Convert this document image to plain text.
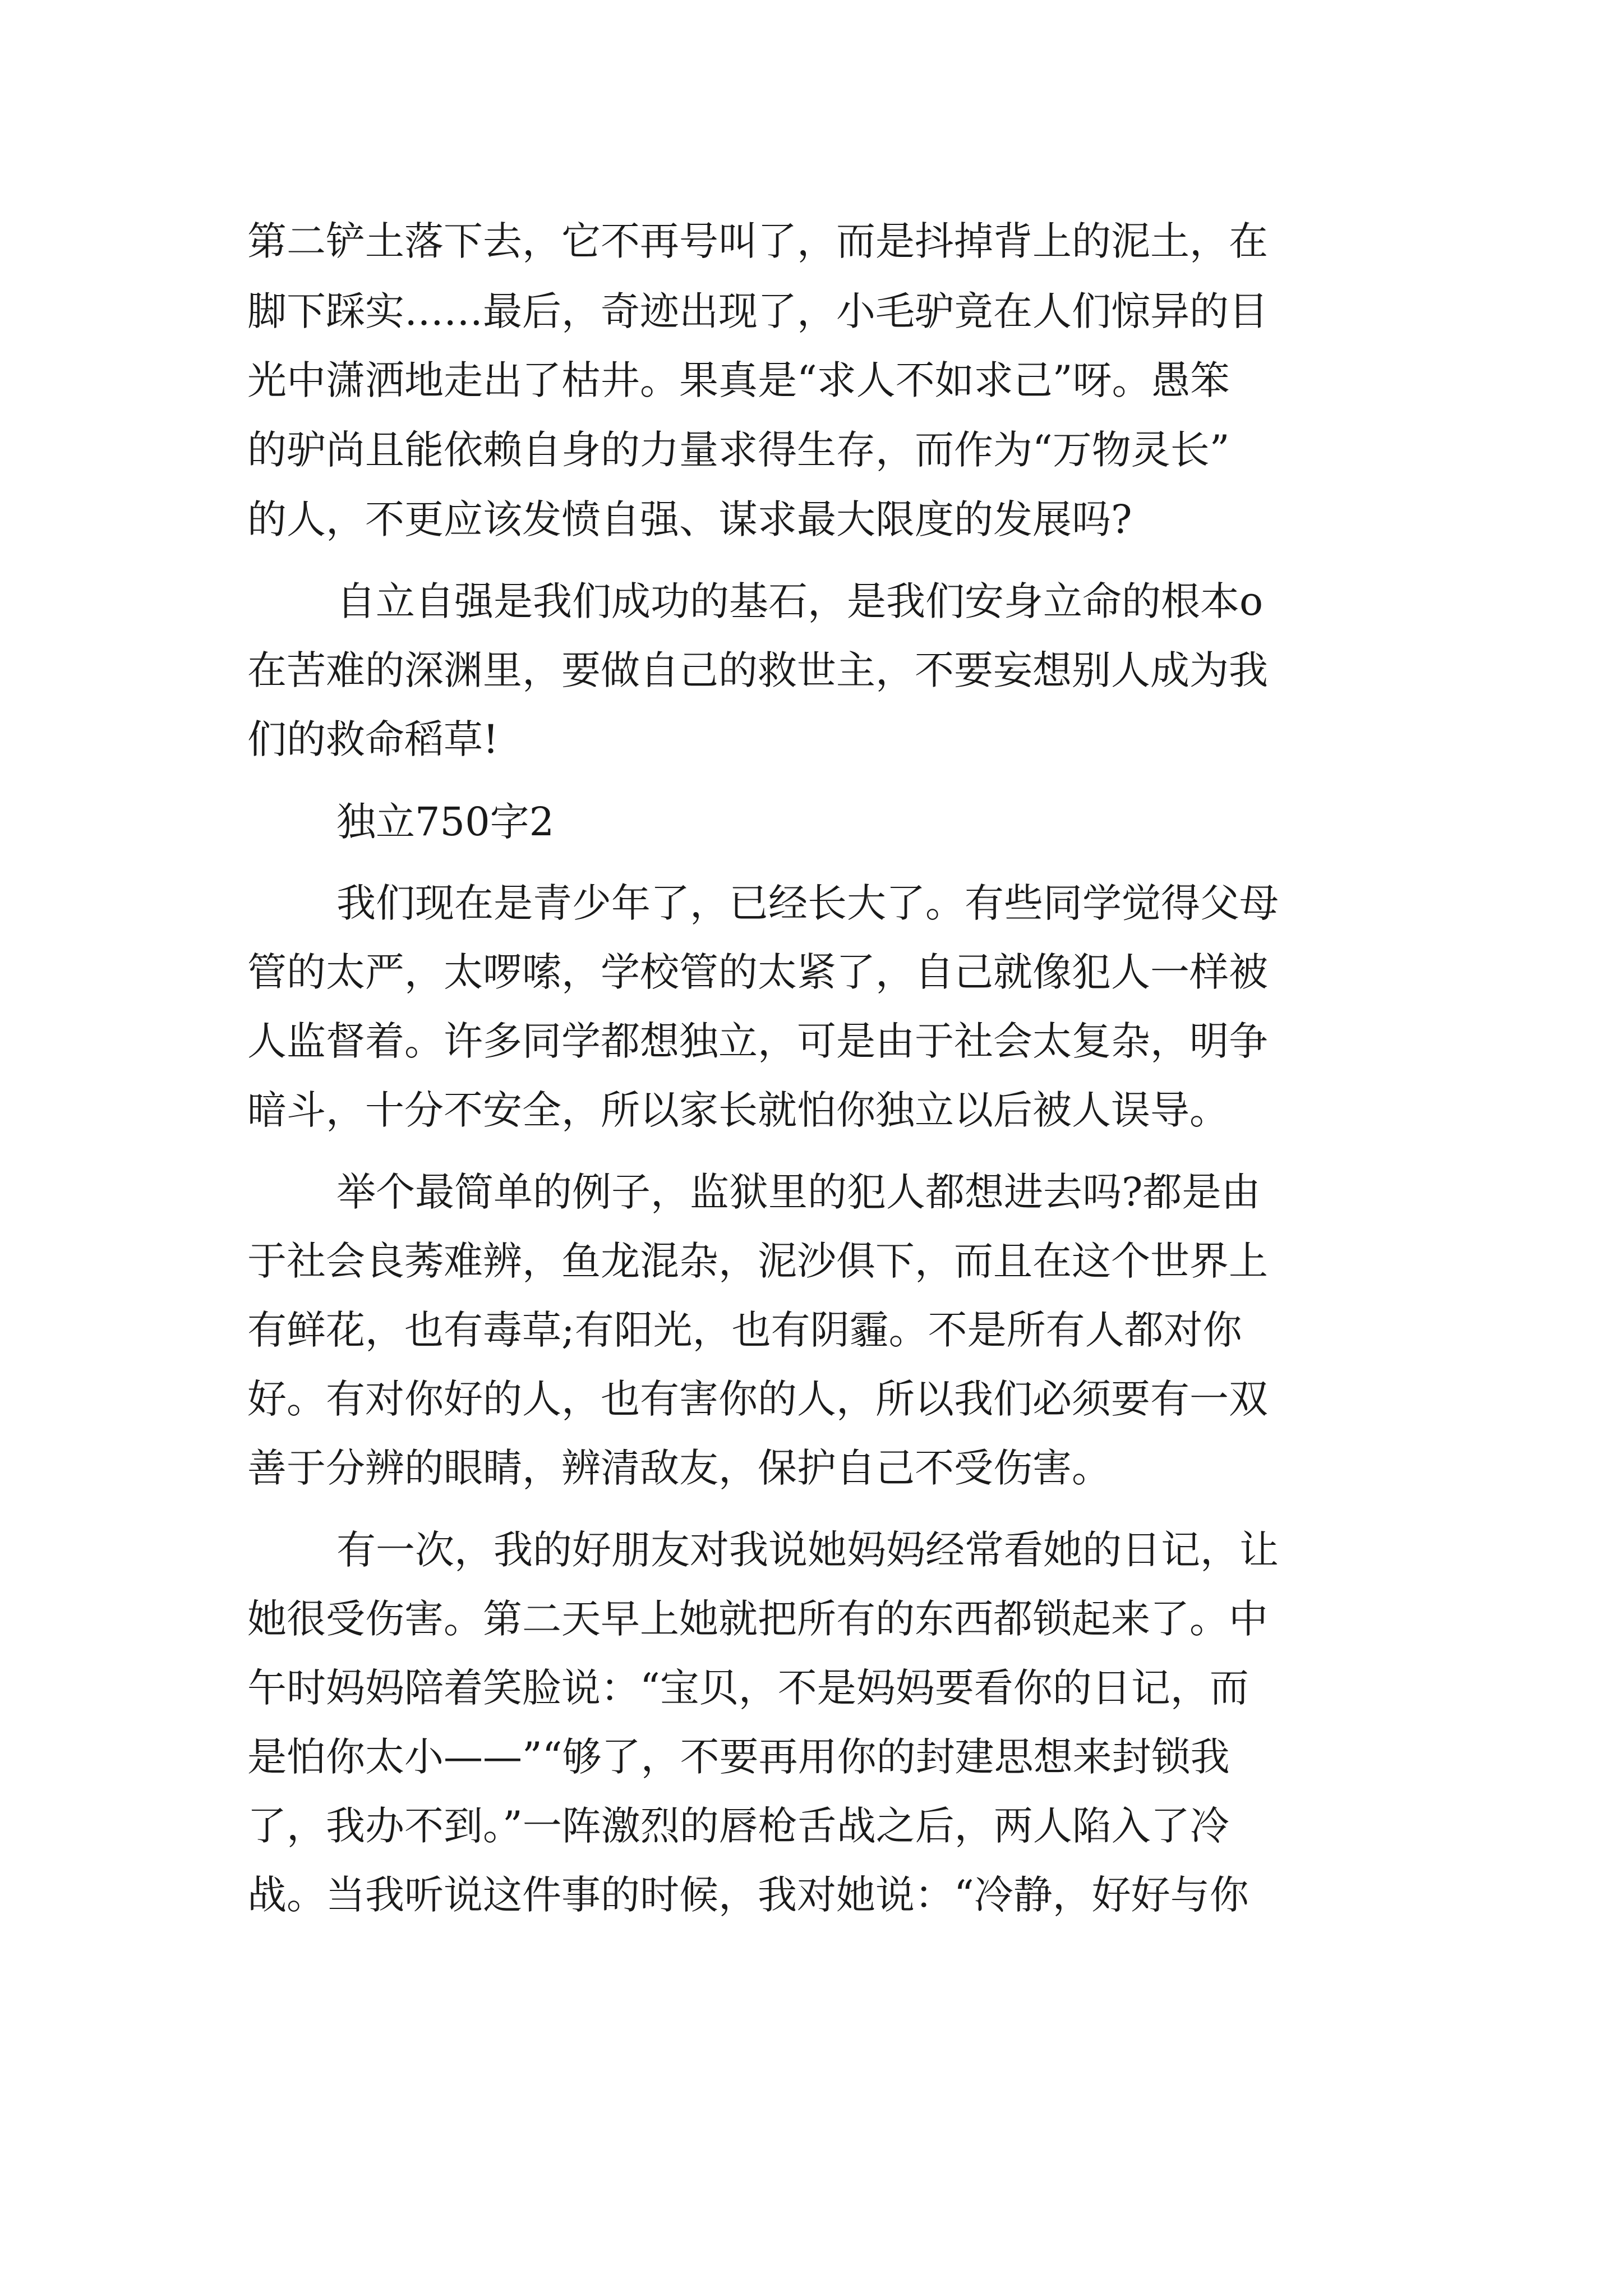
第二铲土落下去，它不再号叫了，而是抖掉背上的泥土，在
脚下踩实……最后，奇迹出现了，小毛驴竟在人们惊异的目
光中潇洒地走出了枯井。果真是“求人不如求己”呀。愚笨
的驴尚且能依赖自身的力量求得生存，而作为“万物灵长”
的人，不更应该发愤自强、谋求最大限度的发展吗?
自立自强是我们成功的基石，是我们安身立命的根本o
在苦难的深渊里，要做自己的救世主，不要妄想别人成为我
们的救命稻草!
独立750字2
我们现在是青少年了，已经长大了。有些同学觉得父母
管的太严，太啰嗦，学校管的太紧了，自己就像犯人一样被
人监督着。许多同学都想独立，可是由于社会太复杂，明争
暗斗，十分不安全，所以家长就怕你独立以后被人误导。
举个最简单的例子，监狱里的犯人都想进去吗?都是由
于社会良莠难辨，鱼龙混杂，泥沙俱下，而且在这个世界上
有鲜花，也有毒草;有阳光，也有阴霾。不是所有人都对你
好。有对你好的人，也有害你的人，所以我们必须要有一双
善于分辨的眼睛，辨清敌友，保护自己不受伤害。
有一次，我的好朋友对我说她妈妈经常看她的日记，让
她很受伤害。第二天早上她就把所有的东西都锁起来了。中
午时妈妈陪着笑脸说：“宝贝，不是妈妈要看你的日记，而
是怕你太小——”“够了，不要再用你的封建思想来封锁我
了，我办不到。”一阵激烈的唇枪舌战之后，两人陷入了冷
战。当我听说这件事的时候，我对她说：“冷静，好好与你
